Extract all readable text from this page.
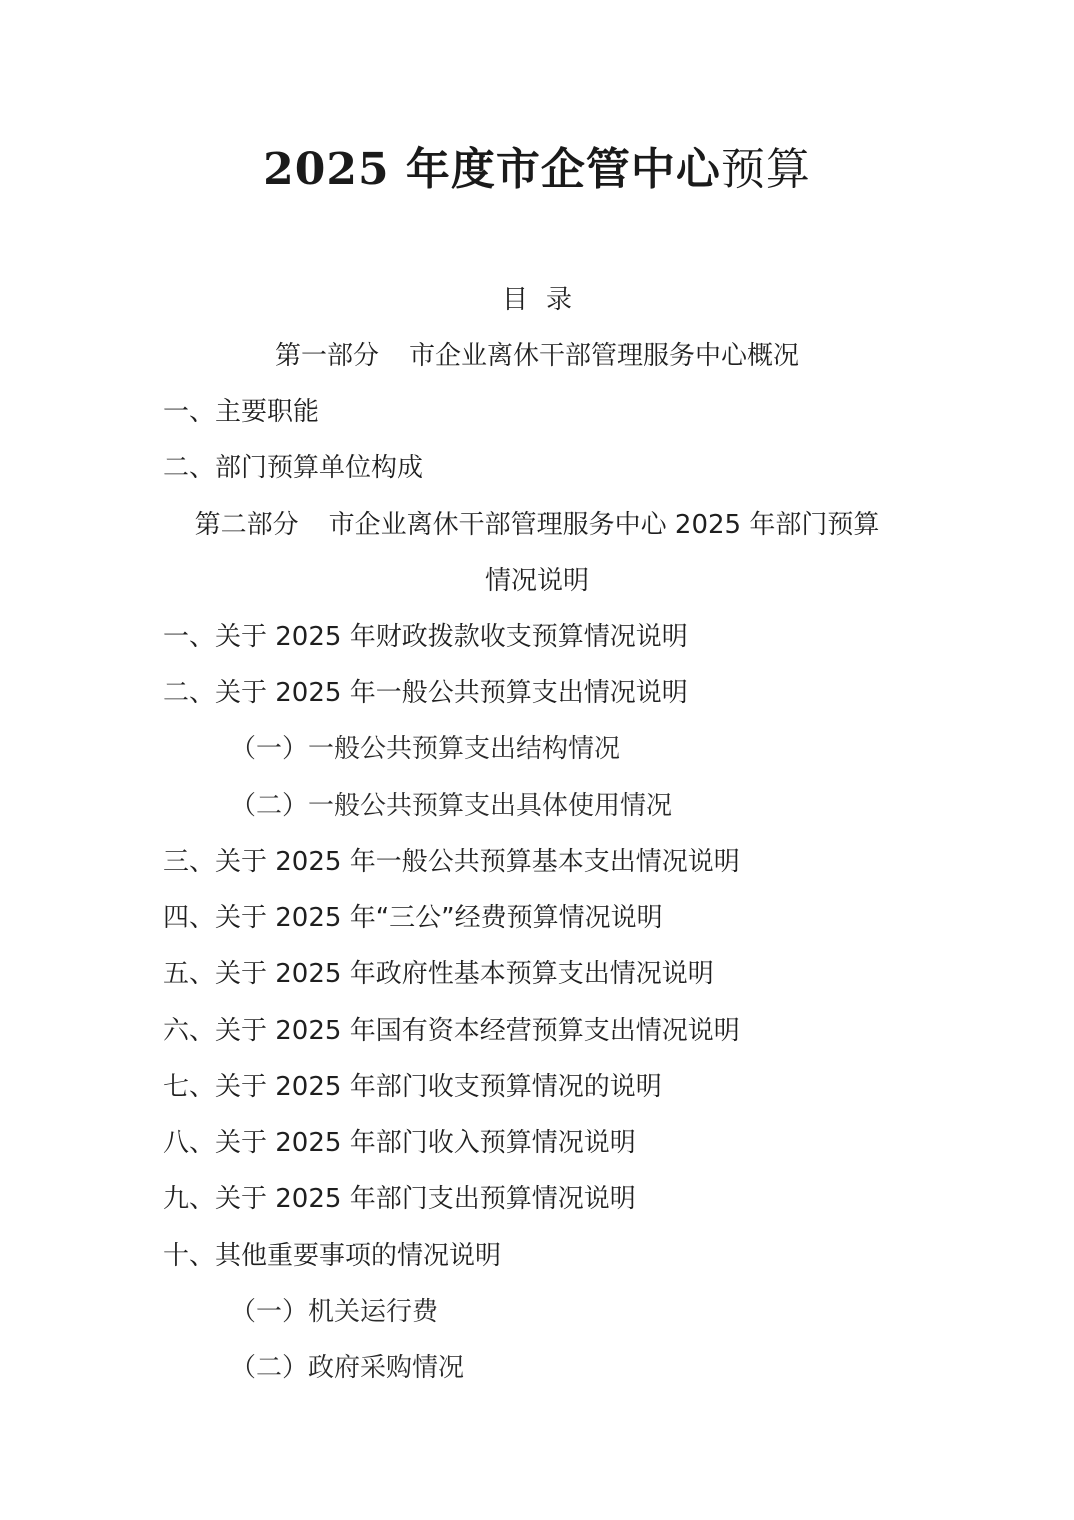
2025 年度市企管中心预算
目 录
第一部分 市企业离休干部管理服务中心概况
一、主要职能
二、部门预算单位构成
第二部分 市企业离休干部管理服务中心 2025 年部门预算
情况说明
一、关于 2025 年财政拨款收支预算情况说明
二、关于 2025 年一般公共预算支出情况说明
（一）一般公共预算支出结构情况
（二）一般公共预算支出具体使用情况
三、关于 2025 年一般公共预算基本支出情况说明
四、关于 2025 年“三公”经费预算情况说明
五、关于 2025 年政府性基本预算支出情况说明
六、关于 2025 年国有资本经营预算支出情况说明
七、关于 2025 年部门收支预算情况的说明
八、关于 2025 年部门收入预算情况说明
九、关于 2025 年部门支出预算情况说明
十、其他重要事项的情况说明
（一）机关运行费
（二）政府采购情况
